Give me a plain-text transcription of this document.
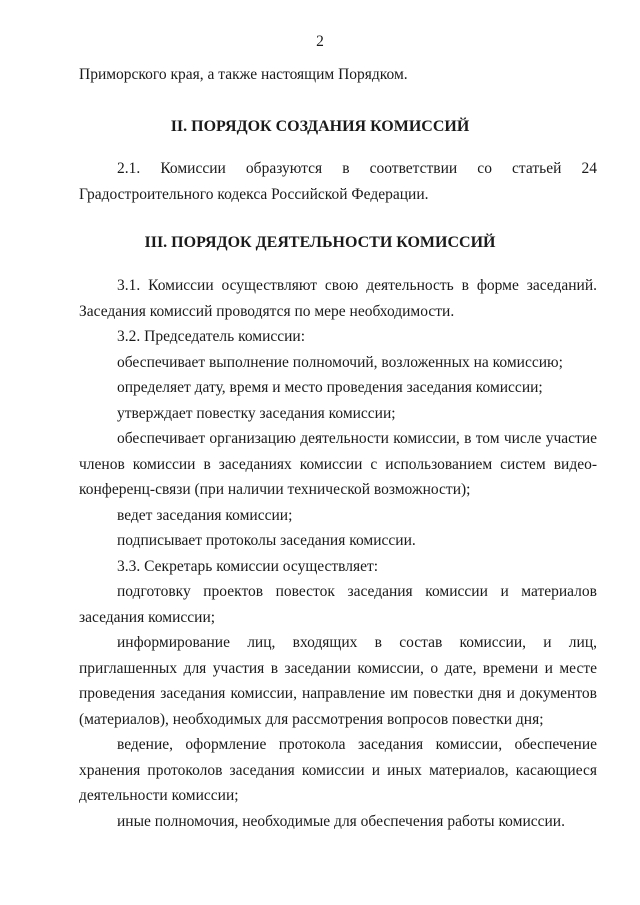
2

Приморского края, а также настоящим Порядком.

II. ПОРЯДОК СОЗДАНИЯ КОМИССИЙ

2.1. Комиссии образуются в соответствии со статьей 24

Градостроительного кодекса Российской Федерации.

III. ПОРЯДОК ДЕЯТЕЛЬНОСТИ КОМИССИЙ

3.1. Комиссии осуществляют свою деятельность в форме заседаний.

Заседания комиссий проводятся по мере необходимости.

3.2. Председатель комиссии:

обеспечивает выполнение полномочий, возложенных на комиссию;

определяет дату, время и место проведения заседания комиссии;

утверждает повестку заседания комиссии;

обеспечивает организацию деятельности комиссии, в том числе участие

членов комиссии в заседаниях комиссии с использованием систем видео-

конференц-связи (при наличии технической возможности);

ведет заседания комиссии;

подписывает протоколы заседания комиссии.

3.3. Секретарь комиссии осуществляет:

подготовку проектов повесток заседания комиссии и материалов

заседания комиссии;

информирование лиц, входящих в состав комиссии, и лиц,

приглашенных для участия в заседании комиссии, о дате, времени и месте

проведения заседания комиссии, направление им повестки дня и документов

(материалов), необходимых для рассмотрения вопросов повестки дня;

ведение, оформление протокола заседания комиссии, обеспечение

хранения протоколов заседания комиссии и иных материалов, касающиеся

деятельности комиссии;

иные полномочия, необходимые для обеспечения работы комиссии.
